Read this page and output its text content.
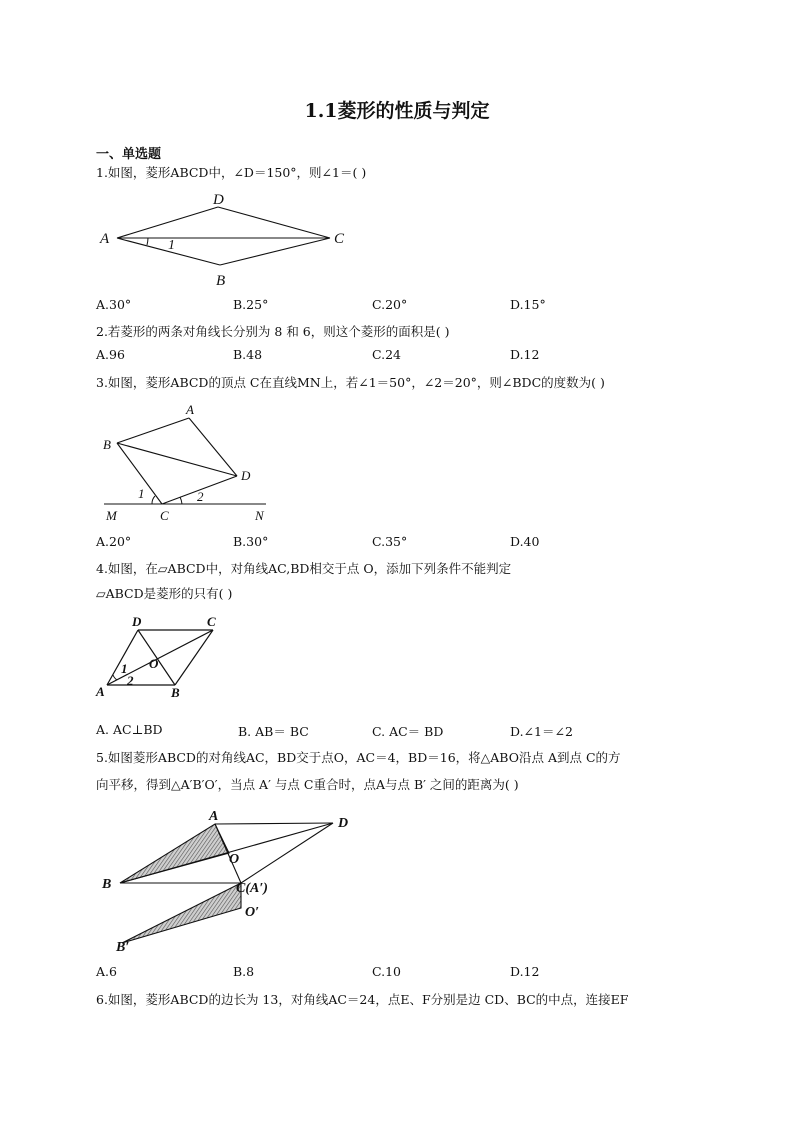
1.1菱形的性质与判定
一、单选题
1.如图，菱形ABCD中，∠D＝150°，则∠1＝( )
D
A	1	C
B
A.30°	B.25°	C.20°	D.15°
2.若菱形的两条对角线长分别为 8 和 6，则这个菱形的面积是( )
A.96	B.48	C.24	D.12
3.如图，菱形ABCD的顶点 C在直线MN上，若∠1＝50°，∠2＝20°，则∠BDC的度数为( )
A
B
D
1	2
M	C	N
A.20°	B.30°	C.35°	D.40
4.如图，在▱ABCD中，对角线AC,BD相交于点 O，添加下列条件不能判定
▱ABCD是菱形的只有( )
D	C
O
1
2
A	B
A. AC⊥BD	B. AB＝ BC	C. AC＝ BD	D.∠1＝∠2
5.如图菱形ABCD的对角线AC，BD交于点O，AC＝4，BD＝16，将△ABO沿点 A到点 C的方
向平移，得到△A′B′O′，当点 A′ 与点 C重合时，点A与点 B′ 之间的距离为( )
A	D
O
B	C(A′)
O′
B′
A.6	B.8	C.10	D.12
6.如图，菱形ABCD的边长为 13，对角线AC＝24，点E、F分别是边 CD、BC的中点，连接EF
